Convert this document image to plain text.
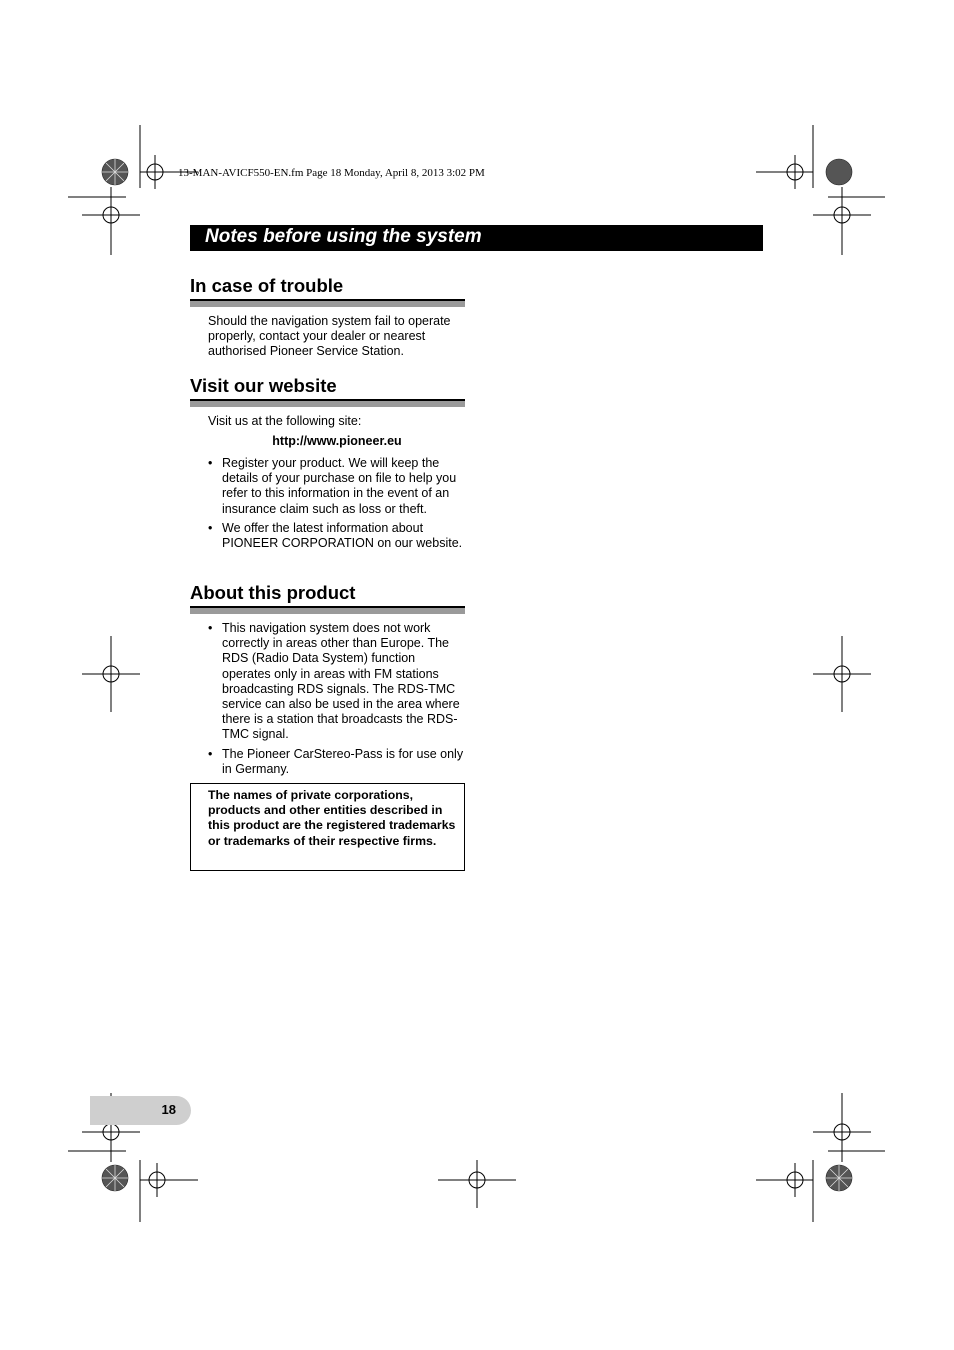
13-MAN-AVICF550-EN.fm Page 18 Monday, April 8, 2013 3:02 PM
Notes before using the system
In case of trouble
Should the navigation system fail to operate properly, contact your dealer or nearest authorised Pioneer Service Station.
Visit our website
Visit us at the following site:
http://www.pioneer.eu
• Register your product. We will keep the details of your purchase on file to help you refer to this information in the event of an insurance claim such as loss or theft.
• We offer the latest information about PIONEER CORPORATION on our website.
About this product
• This navigation system does not work correctly in areas other than Europe. The RDS (Radio Data System) function operates only in areas with FM stations broadcasting RDS signals. The RDS-TMC service can also be used in the area where there is a station that broadcasts the RDS-TMC signal.
• The Pioneer CarStereo-Pass is for use only in Germany.
The names of private corporations, products and other entities described in this product are the registered trademarks or trademarks of their respective firms.
18
